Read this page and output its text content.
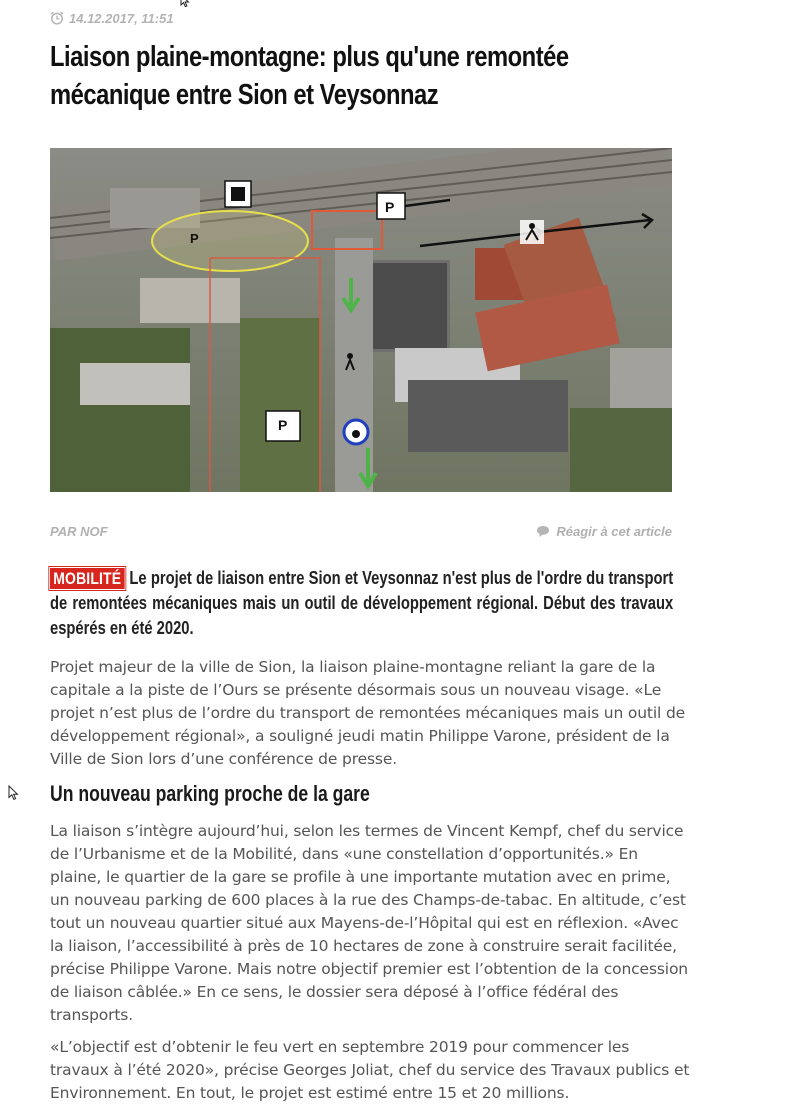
14.12.2017, 11:51
Liaison plaine-montagne: plus qu'une remontée mécanique entre Sion et Veysonnaz
P
P
P
PAR NOF	Réagir à cet article

MOBILITÉ Le projet de liaison entre Sion et Veysonnaz n'est plus de l'ordre du transport de remontées mécaniques mais un outil de développement régional. Début des travaux espérés en été 2020.

Projet majeur de la ville de Sion, la liaison plaine-montagne reliant la gare de la capitale a la piste de l’Ours se présente désormais sous un nouveau visage. «Le projet n’est plus de l’ordre du transport de remontées mécaniques mais un outil de développement régional», a souligné jeudi matin Philippe Varone, président de la Ville de Sion lors d’une conférence de presse.

Un nouveau parking proche de la gare

La liaison s’intègre aujourd’hui, selon les termes de Vincent Kempf, chef du service de l’Urbanisme et de la Mobilité, dans «une constellation d’opportunités.» En plaine, le quartier de la gare se profile à une importante mutation avec en prime, un nouveau parking de 600 places à la rue des Champs-de-tabac. En altitude, c’est tout un nouveau quartier situé aux Mayens-de-l’Hôpital qui est en réflexion. «Avec la liaison, l’accessibilité à près de 10 hectares de zone à construire serait facilitée, précise Philippe Varone. Mais notre objectif premier est l’obtention de la concession de liaison câblée.» En ce sens, le dossier sera déposé à l’office fédéral des transports.

«L’objectif est d’obtenir le feu vert en septembre 2019 pour commencer les travaux à l’été 2020», précise Georges Joliat, chef du service des Travaux publics et Environnement. En tout, le projet est estimé entre 15 et 20 millions.
